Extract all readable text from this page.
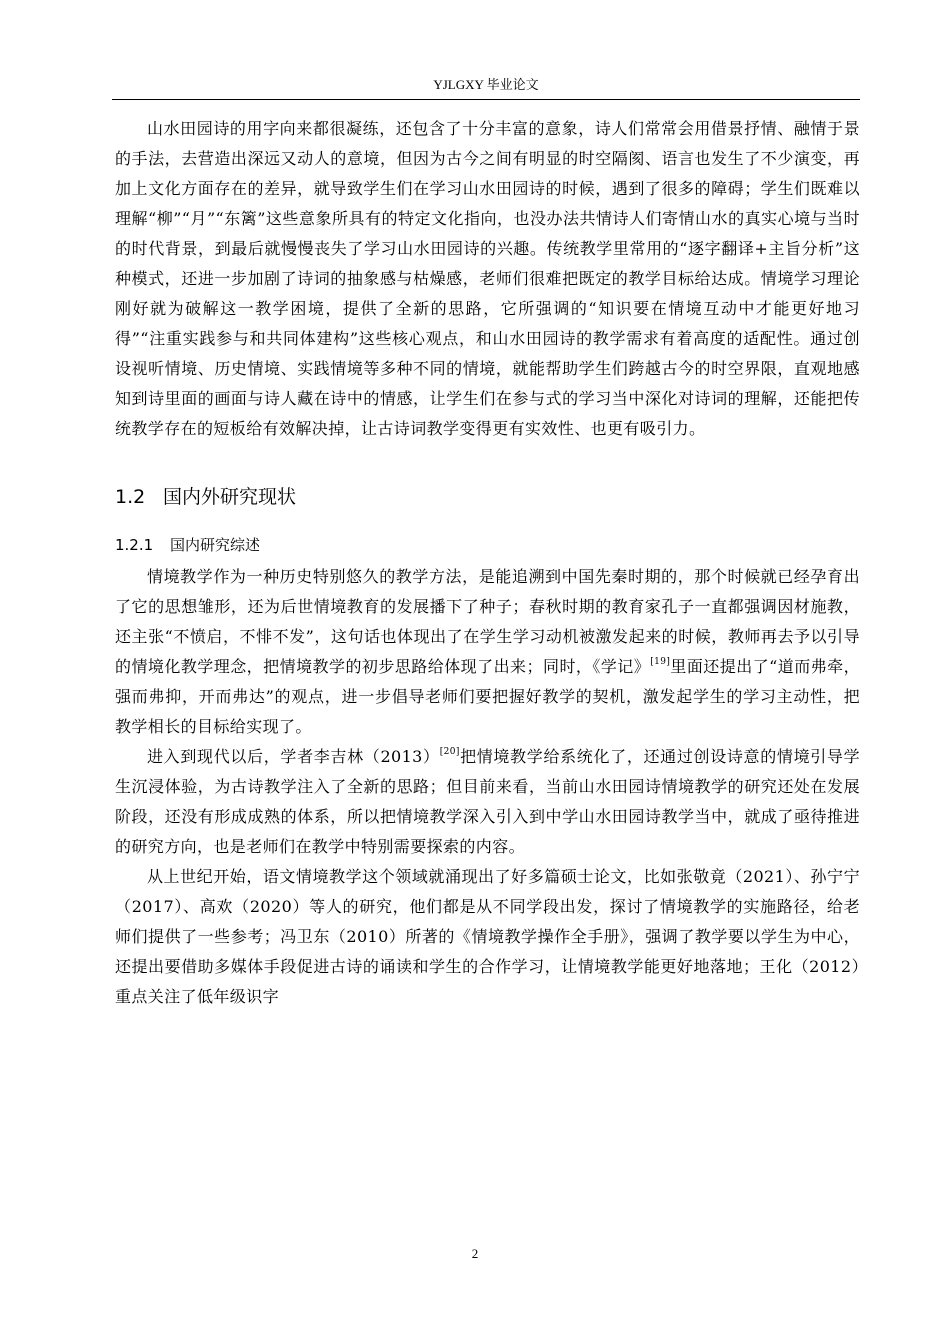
YJLGXY 毕业论文

山水田园诗的用字向来都很凝练，还包含了十分丰富的意象，诗人们常常会用借景抒情、融情于景的手法，去营造出深远又动人的意境，但因为古今之间有明显的时空隔阂、语言也发生了不少演变，再加上文化方面存在的差异，就导致学生们在学习山水田园诗的时候，遇到了很多的障碍；学生们既难以理解“柳”“月”“东篱”这些意象所具有的特定文化指向，也没办法共情诗人们寄情山水的真实心境与当时的时代背景，到最后就慢慢丧失了学习山水田园诗的兴趣。传统教学里常用的“逐字翻译+主旨分析”这种模式，还进一步加剧了诗词的抽象感与枯燥感，老师们很难把既定的教学目标给达成。情境学习理论刚好就为破解这一教学困境，提供了全新的思路，它所强调的“知识要在情境互动中才能更好地习得”“注重实践参与和共同体建构”这些核心观点，和山水田园诗的教学需求有着高度的适配性。通过创设视听情境、历史情境、实践情境等多种不同的情境，就能帮助学生们跨越古今的时空界限，直观地感知到诗里面的画面与诗人藏在诗中的情感，让学生们在参与式的学习当中深化对诗词的理解，还能把传统教学存在的短板给有效解决掉，让古诗词教学变得更有实效性、也更有吸引力。

1.2 国内外研究现状
1.2.1 国内研究综述

情境教学作为一种历史特别悠久的教学方法，是能追溯到中国先秦时期的，那个时候就已经孕育出了它的思想雏形，还为后世情境教育的发展播下了种子；春秋时期的教育家孔子一直都强调因材施教，还主张“不愤启，不悱不发”，这句话也体现出了在学生学习动机被激发起来的时候，教师再去予以引导的情境化教学理念，把情境教学的初步思路给体现了出来；同时，《学记》[19]里面还提出了“道而弗牵，强而弗抑，开而弗达”的观点，进一步倡导老师们要把握好教学的契机，激发起学生的学习主动性，把教学相长的目标给实现了。

进入到现代以后，学者李吉林（2013）[20]把情境教学给系统化了，还通过创设诗意的情境引导学生沉浸体验，为古诗教学注入了全新的思路；但目前来看，当前山水田园诗情境教学的研究还处在发展阶段，还没有形成成熟的体系，所以把情境教学深入引入到中学山水田园诗教学当中，就成了亟待推进的研究方向，也是老师们在教学中特别需要探索的内容。

从上世纪开始，语文情境教学这个领域就涌现出了好多篇硕士论文，比如张敬竟（2021）、孙宁宁（2017）、高欢（2020）等人的研究，他们都是从不同学段出发，探讨了情境教学的实施路径，给老师们提供了一些参考；冯卫东（2010）所著的《情境教学操作全手册》，强调了教学要以学生为中心，还提出要借助多媒体手段促进古诗的诵读和学生的合作学习，让情境教学能更好地落地；王化（2012）重点关注了低年级识字

2
